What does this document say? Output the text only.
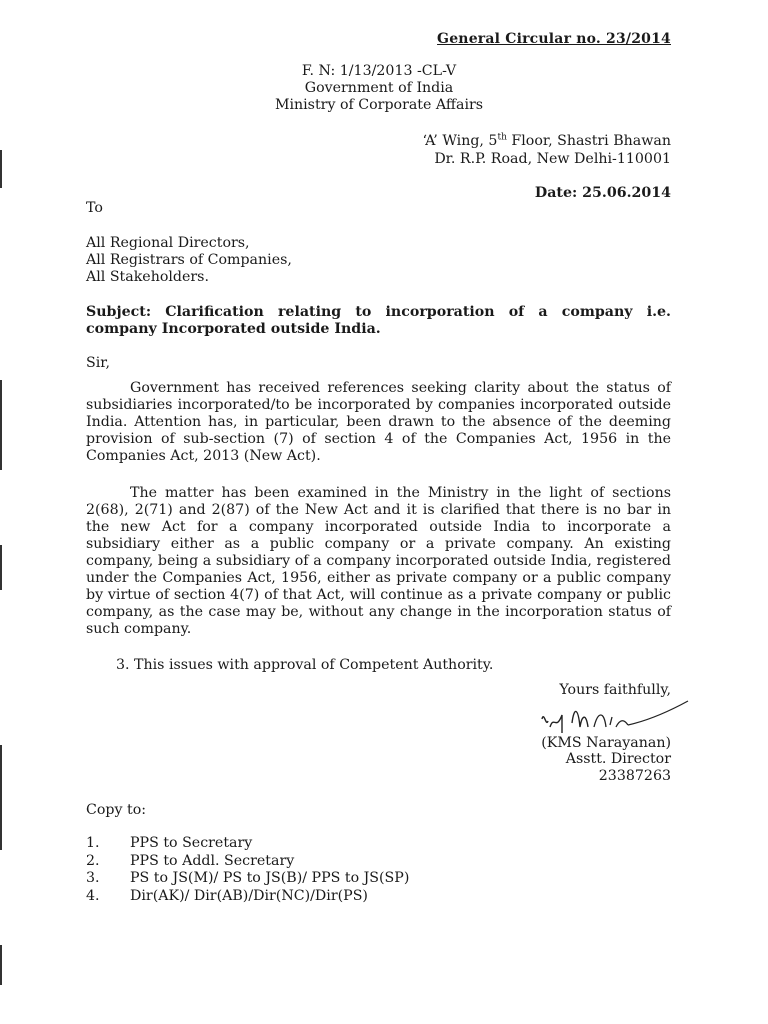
General Circular no. 23/2014
F. N: 1/13/2013 -CL-V
Government of India
Ministry of Corporate Affairs
‘A’ Wing, 5th Floor, Shastri Bhawan
Dr. R.P. Road, New Delhi-110001
Date: 25.06.2014
To
All Regional Directors,
All Registrars of Companies,
All Stakeholders.
Subject: Clarification relating to incorporation of a company i.e. company Incorporated outside India.
Sir,
Government has received references seeking clarity about the status of subsidiaries incorporated/to be incorporated by companies incorporated outside India. Attention has, in particular, been drawn to the absence of the deeming provision of sub-section (7) of section 4 of the Companies Act, 1956 in the Companies Act, 2013 (New Act).
The matter has been examined in the Ministry in the light of sections 2(68), 2(71) and 2(87) of the New Act and it is clarified that there is no bar in the new Act for a company incorporated outside India to incorporate a subsidiary either as a public company or a private company. An existing company, being a subsidiary of a company incorporated outside India, registered under the Companies Act, 1956, either as private company or a public company by virtue of section 4(7) of that Act, will continue as a private company or public company, as the case may be, without any change in the incorporation status of such company.
3. This issues with approval of Competent Authority.
Yours faithfully,
(KMS Narayanan)
Asstt. Director
23387263
Copy to:
1.	PPS to Secretary
2.	PPS to Addl. Secretary
3.	PS to JS(M)/ PS to JS(B)/ PPS to JS(SP)
4.	Dir(AK)/ Dir(AB)/Dir(NC)/Dir(PS)
